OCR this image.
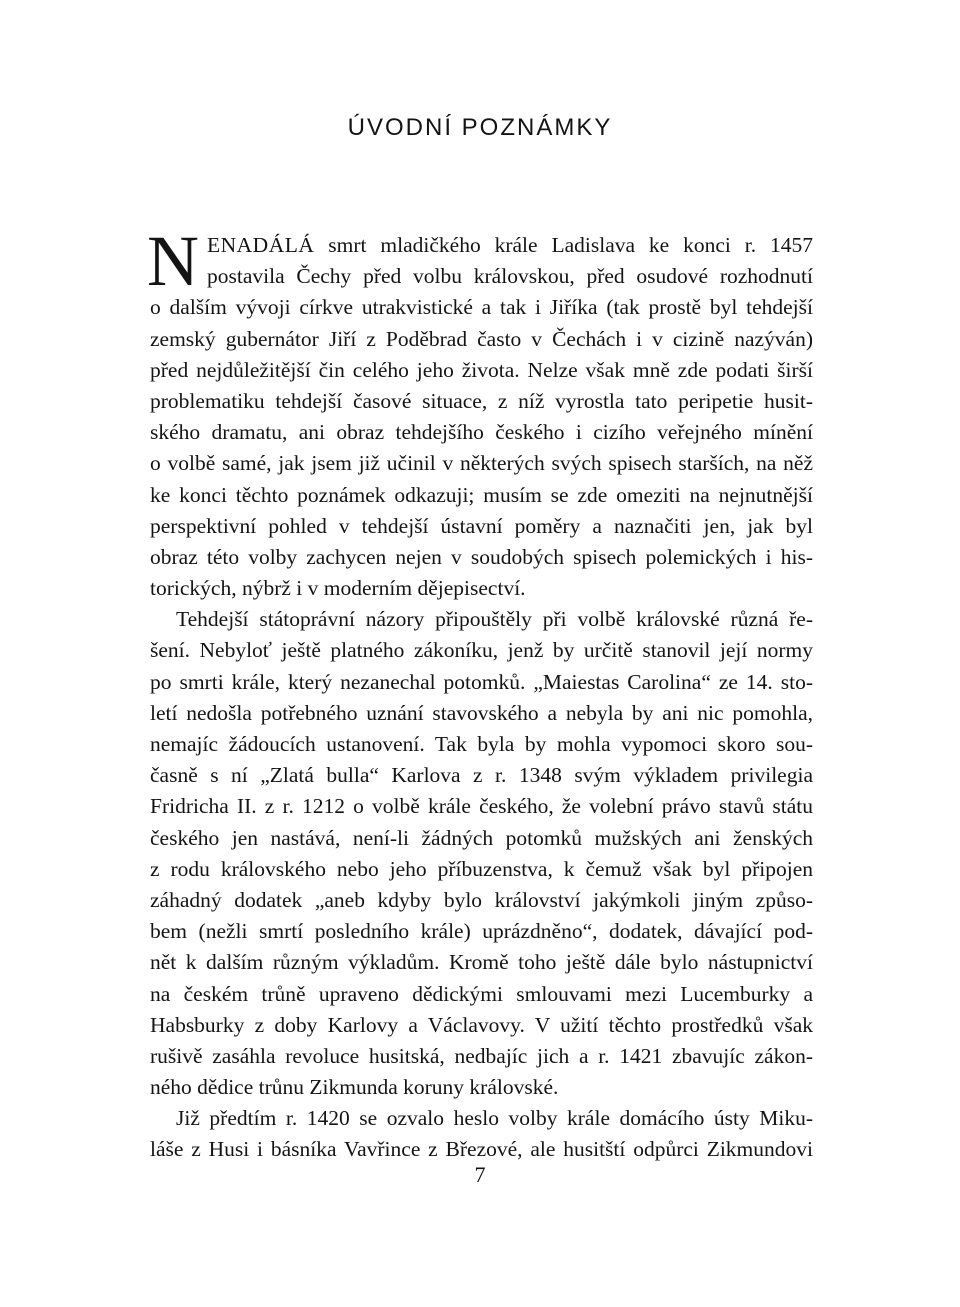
ÚVODNÍ POZNÁMKY
N ENADÁLÁ smrt mladičkého krále Ladislava ke konci r. 1457
postavila Čechy před volbu královskou, před osudové rozhodnutí
o dalším vývoji církve utrakvistické a tak i Jiříka (tak prostě byl tehdejší
zemský gubernátor Jiří z Poděbrad často v Čechách i v cizině nazýván)
před nejdůležitější čin celého jeho života. Nelze však mně zde podati širší
problematiku tehdejší časové situace, z níž vyrostla tato peripetie husit-
ského dramatu, ani obraz tehdejšího českého i cizího veřejného mínění
o volbě samé, jak jsem již učinil v některých svých spisech starších, na něž
ke konci těchto poznámek odkazuji; musím se zde omeziti na nejnutnější
perspektivní pohled v tehdejší ústavní poměry a naznačiti jen, jak byl
obraz této volby zachycen nejen v soudobých spisech polemických i his-
torických, nýbrž i v moderním dějepisectví.
Tehdejší státoprávní názory připouštěly při volbě královské různá ře-
šení. Nebyloť ještě platného zákoníku, jenž by určitě stanovil její normy
po smrti krále, který nezanechal potomků. „Maiestas Carolina“ ze 14. sto-
letí nedošla potřebného uznání stavovského a nebyla by ani nic pomohla,
nemajíc žádoucích ustanovení. Tak byla by mohla vypomoci skoro sou-
časně s ní „Zlatá bulla“ Karlova z r. 1348 svým výkladem privilegia
Fridricha II. z r. 1212 o volbě krále českého, že volební právo stavů státu
českého jen nastává, není-li žádných potomků mužských ani ženských
z rodu královského nebo jeho příbuzenstva, k čemuž však byl připojen
záhadný dodatek „aneb kdyby bylo království jakýmkoli jiným způso-
bem (nežli smrtí posledního krále) uprázdněno“, dodatek, dávající pod-
nět k dalším různým výkladům. Kromě toho ještě dále bylo nástupnictví
na českém trůně upraveno dědickými smlouvami mezi Lucemburky a
Habsburky z doby Karlovy a Václavovy. V užití těchto prostředků však
rušivě zasáhla revoluce husitská, nedbajíc jich a r. 1421 zbavujíc zákon-
ného dědice trůnu Zikmunda koruny královské.
Již předtím r. 1420 se ozvalo heslo volby krále domácího ústy Miku-
láše z Husi i básníka Vavřince z Březové, ale husitští odpůrci Zikmundovi
7
